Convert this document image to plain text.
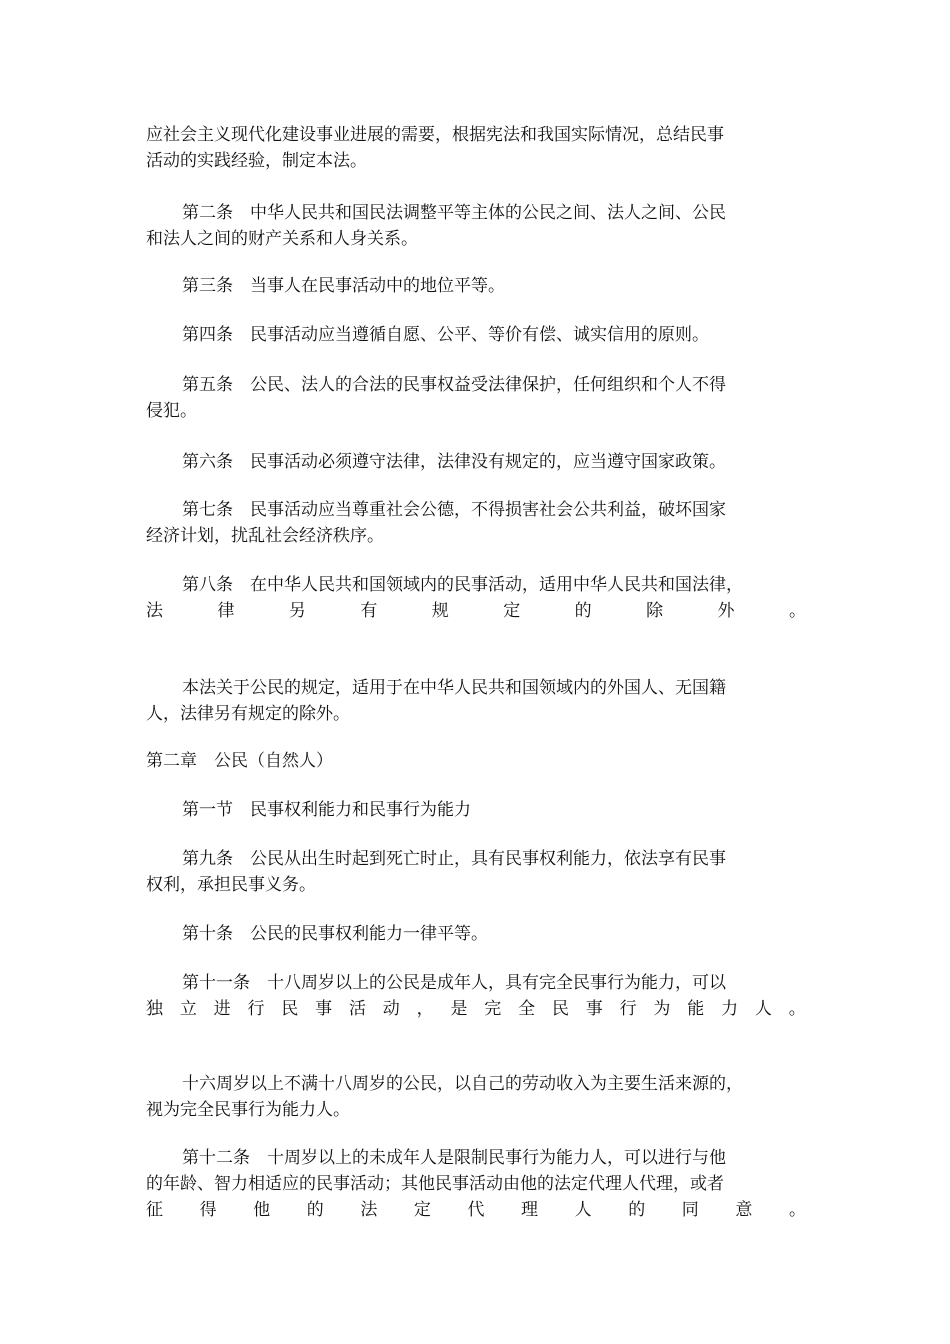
应社会主义现代化建设事业进展的需要，根据宪法和我国实际情况，总结民事
活动的实践经验，制定本法。
第二条　中华人民共和国民法调整平等主体的公民之间、法人之间、公民
和法人之间的财产关系和人身关系。
第三条　当事人在民事活动中的地位平等。
第四条　民事活动应当遵循自愿、公平、等价有偿、诚实信用的原则。
第五条　公民、法人的合法的民事权益受法律保护，任何组织和个人不得
侵犯。
第六条　民事活动必须遵守法律，法律没有规定的，应当遵守国家政策。
第七条　民事活动应当尊重社会公德，不得损害社会公共利益，破坏国家
经济计划，扰乱社会经济秩序。
第八条　在中华人民共和国领域内的民事活动，适用中华人民共和国法律，
法	律	另	有	规	定	的	除	外	。
本法关于公民的规定，适用于在中华人民共和国领域内的外国人、无国籍
人，法律另有规定的除外。
第二章　公民（自然人）
第一节　民事权利能力和民事行为能力
第九条　公民从出生时起到死亡时止，具有民事权利能力，依法享有民事
权利，承担民事义务。
第十条　公民的民事权利能力一律平等。
第十一条　十八周岁以上的公民是成年人，具有完全民事行为能力，可以
独 立 进 行 民 事 活 动 ， 是 完 全 民 事 行 为 能 力 人 。
十六周岁以上不满十八周岁的公民，以自己的劳动收入为主要生活来源的，
视为完全民事行为能力人。
第十二条　十周岁以上的未成年人是限制民事行为能力人，可以进行与他
的年龄、智力相适应的民事活动；其他民事活动由他的法定代理人代理，或者
征 得 他 的 法 定 代 理 人 的 同 意 。
